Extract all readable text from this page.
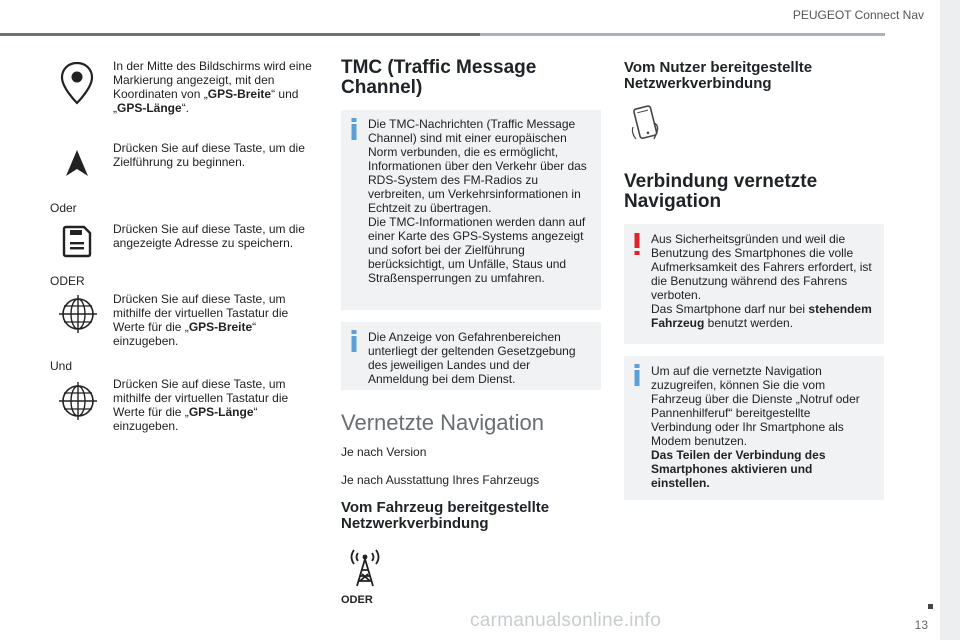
PEUGEOT Connect Nav
In der Mitte des Bildschirms wird eine Markierung angezeigt, mit den Koordinaten von „GPS-Breite“ und „GPS-Länge“.
Drücken Sie auf diese Taste, um die Zielführung zu beginnen.
Oder
Drücken Sie auf diese Taste, um die angezeigte Adresse zu speichern.
ODER
Drücken Sie auf diese Taste, um mithilfe der virtuellen Tastatur die Werte für die „GPS-Breite“ einzugeben.
Und
Drücken Sie auf diese Taste, um mithilfe der virtuellen Tastatur die Werte für die „GPS-Länge“ einzugeben.
TMC (Traffic Message Channel)
Die TMC-Nachrichten (Traffic Message Channel) sind mit einer europäischen Norm verbunden, die es ermöglicht, Informationen über den Verkehr über das RDS-System des FM-Radios zu verbreiten, um Verkehrsinformationen in Echtzeit zu übertragen.
Die TMC-Informationen werden dann auf einer Karte des GPS-Systems angezeigt und sofort bei der Zielführung berücksichtigt, um Unfälle, Staus und Straßensperrungen zu umfahren.
Die Anzeige von Gefahrenbereichen unterliegt der geltenden Gesetzgebung des jeweiligen Landes und der Anmeldung bei dem Dienst.
Vernetzte Navigation
Je nach Version
Je nach Ausstattung Ihres Fahrzeugs
Vom Fahrzeug bereitgestellte Netzwerkverbindung
ODER
Vom Nutzer bereitgestellte Netzwerkverbindung
Verbindung vernetzte Navigation
Aus Sicherheitsgründen und weil die Benutzung des Smartphones die volle Aufmerksamkeit des Fahrers erfordert, ist die Benutzung während des Fahrens verboten.
Das Smartphone darf nur bei stehendem Fahrzeug benutzt werden.
Um auf die vernetzte Navigation zuzugreifen, können Sie die vom Fahrzeug über die Dienste „Notruf oder Pannenhilferuf“ bereitgestellte Verbindung oder Ihr Smartphone als Modem benutzen.
Das Teilen der Verbindung des Smartphones aktivieren und einstellen.
13
carmanualsonline.info
